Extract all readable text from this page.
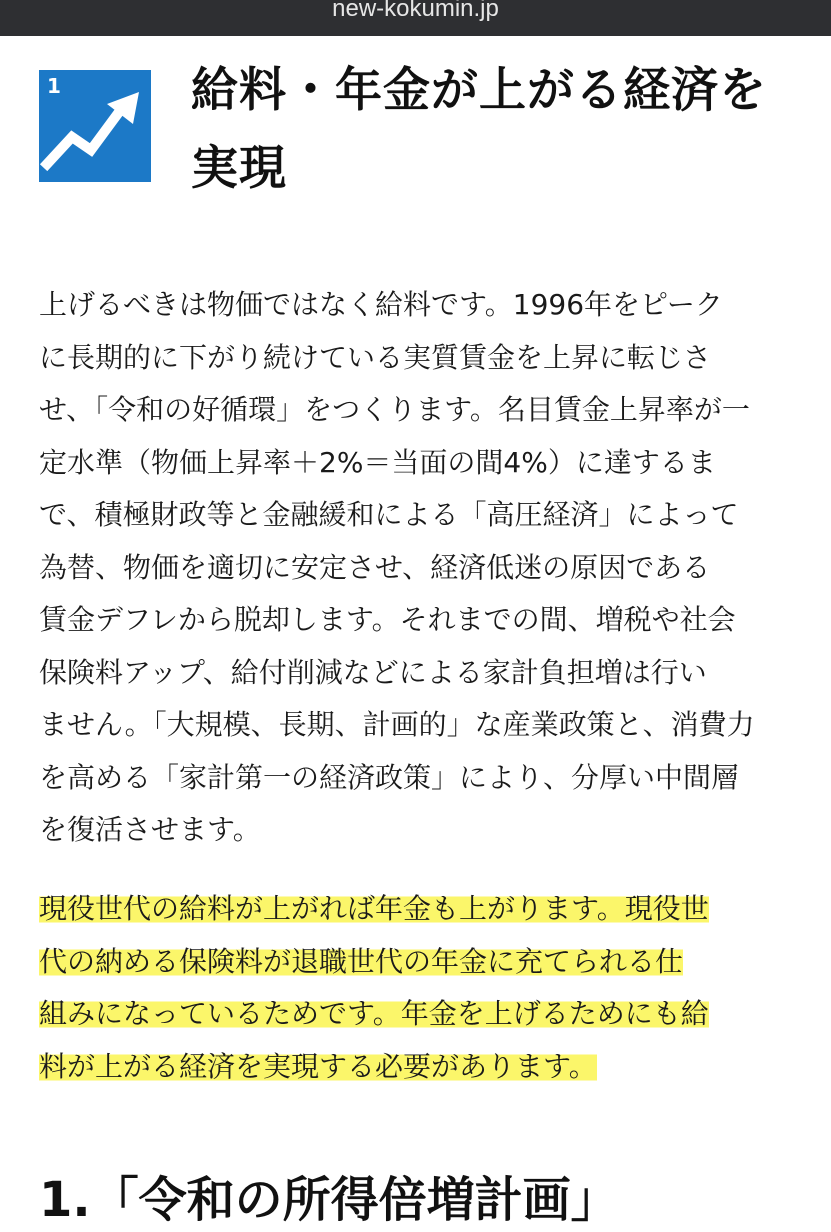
new-kokumin.jp
1	給料・年金が上がる経済を
実現
上げるべきは物価ではなく給料です。1996年をピーク
に長期的に下がり続けている実質賃金を上昇に転じさ
せ、「令和の好循環」をつくります。名目賃金上昇率が一
定水準（物価上昇率＋2%＝当面の間4%）に達するま
で、積極財政等と金融緩和による「高圧経済」によって
為替、物価を適切に安定させ、経済低迷の原因である
賃金デフレから脱却します。それまでの間、増税や社会
保険料アップ、給付削減などによる家計負担増は行い
ません。「大規模、長期、計画的」な産業政策と、消費力
を高める「家計第一の経済政策」により、分厚い中間層
を復活させます。
現役世代の給料が上がれば年金も上がります。現役世
代の納める保険料が退職世代の年金に充てられる仕
組みになっているためです。年金を上げるためにも給
料が上がる経済を実現する必要があります。
1.「令和の所得倍増計画」
